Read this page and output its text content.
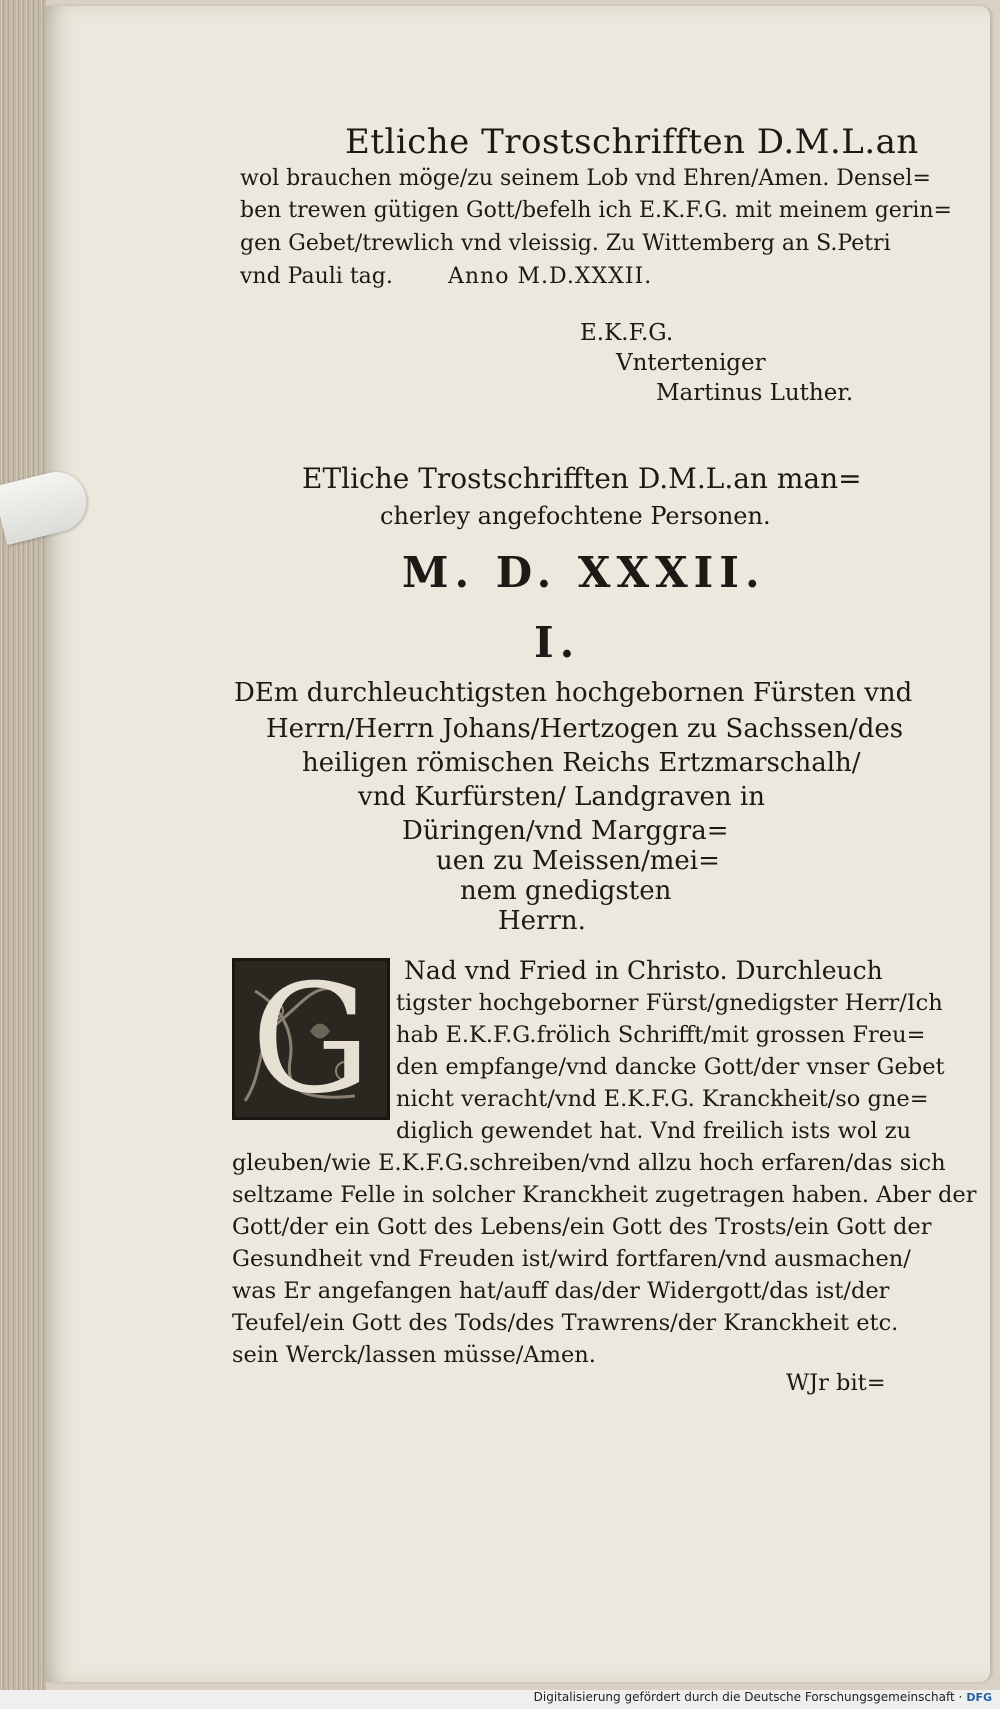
Etliche Trostschrifften D.M.L.an
wol brauchen möge/zu seinem Lob vnd Ehren/Amen. Densel=
ben trewen gütigen Gott/befelh ich E.K.F.G. mit meinem gerin=
gen Gebet/trewlich vnd vleissig. Zu Wittemberg an S.Petri
vnd Pauli tag.	Anno M.D.XXXII.
E.K.F.G.
Vnterteniger
Martinus Luther.
ETliche Trostschrifften D.M.L.an man=
cherley angefochtene Personen.
M. D. XXXII.
I.
DEm durchleuchtigsten hochgebornen Fürsten vnd
Herrn/Herrn Johans/Hertzogen zu Sachssen/des
heiligen römischen Reichs Ertzmarschalh/
vnd Kurfürsten/ Landgraven in
Düringen/vnd Marggra=
uen zu Meissen/mei=
nem gnedigsten
Herrn.
G	Nad vnd Fried in Christo. Durchleuch
tigster hochgeborner Fürst/gnedigster Herr/Ich
hab E.K.F.G.frölich Schrifft/mit grossen Freu=
den empfange/vnd dancke Gott/der vnser Gebet
nicht veracht/vnd E.K.F.G. Kranckheit/so gne=
diglich gewendet hat. Vnd freilich ists wol zu
gleuben/wie E.K.F.G.schreiben/vnd allzu hoch erfaren/das sich
seltzame Felle in solcher Kranckheit zugetragen haben. Aber der
Gott/der ein Gott des Lebens/ein Gott des Trosts/ein Gott der
Gesundheit vnd Freuden ist/wird fortfaren/vnd ausmachen/
was Er angefangen hat/auff das/der Widergott/das ist/der
Teufel/ein Gott des Tods/des Trawrens/der Kranckheit etc.
sein Werck/lassen müsse/Amen.
WJr bit=
Digitalisierung gefördert durch die Deutsche Forschungsgemeinschaft · DFG
